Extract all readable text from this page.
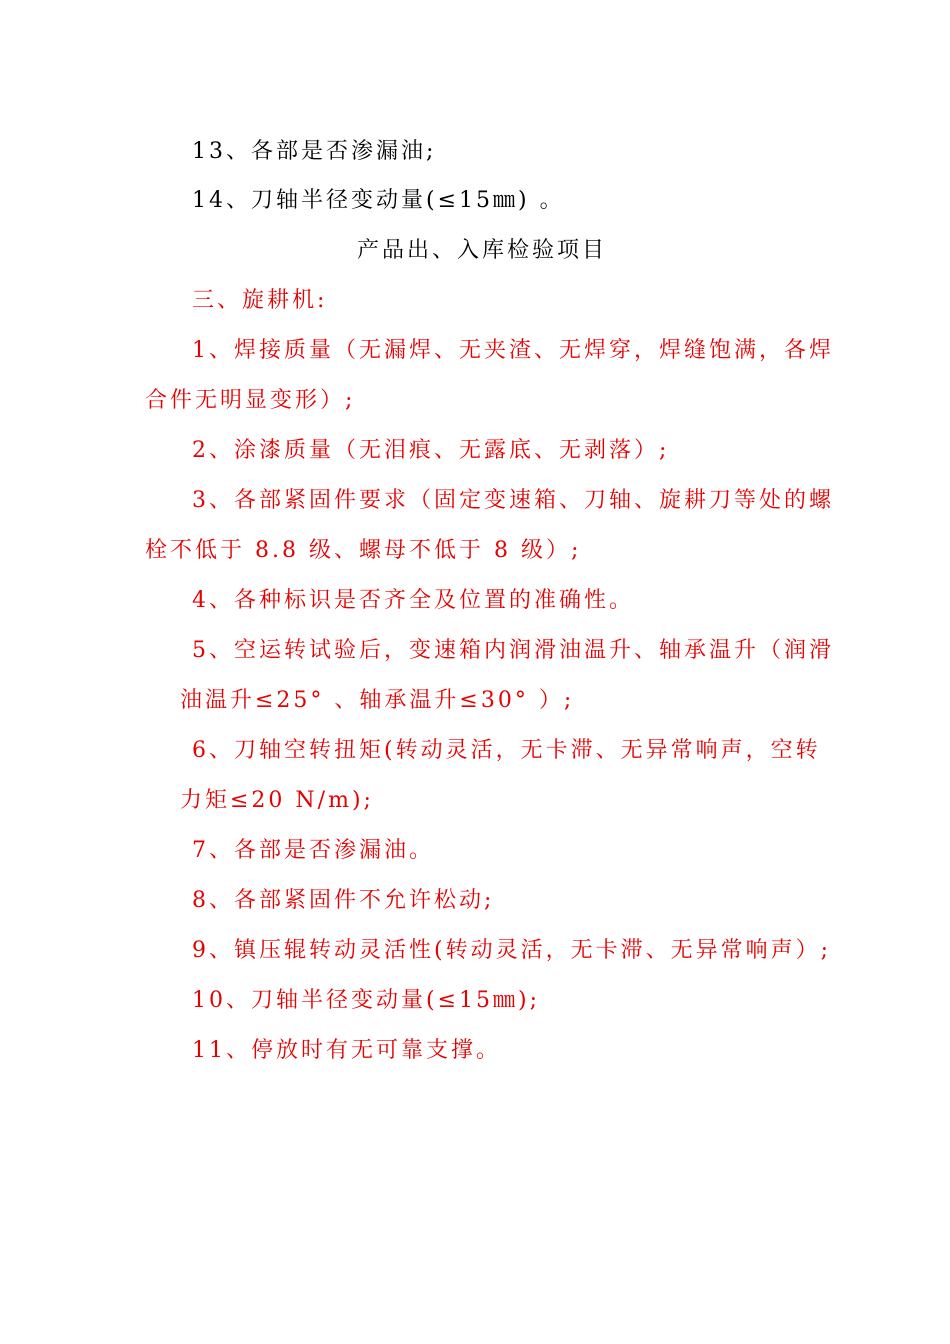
13、各部是否渗漏油;
14、刀轴半径变动量(≤15㎜) 。
产品出、入库检验项目
三、旋耕机:
1、焊接质量（无漏焊、无夹渣、无焊穿，焊缝饱满，各焊
合件无明显变形）;
2、涂漆质量（无泪痕、无露底、无剥落）;
3、各部紧固件要求（固定变速箱、刀轴、旋耕刀等处的螺
栓不低于 8.8 级、螺母不低于 8 级）;
4、各种标识是否齐全及位置的准确性。
5、空运转试验后，变速箱内润滑油温升、轴承温升（润滑
油温升≤25° 、轴承温升≤30° ）;
6、刀轴空转扭矩(转动灵活，无卡滞、无异常响声，空转
力矩≤20 N/m);
7、各部是否渗漏油。
8、各部紧固件不允许松动;
9、镇压辊转动灵活性(转动灵活，无卡滞、无异常响声）;
10、刀轴半径变动量(≤15㎜);
11、停放时有无可靠支撑。
